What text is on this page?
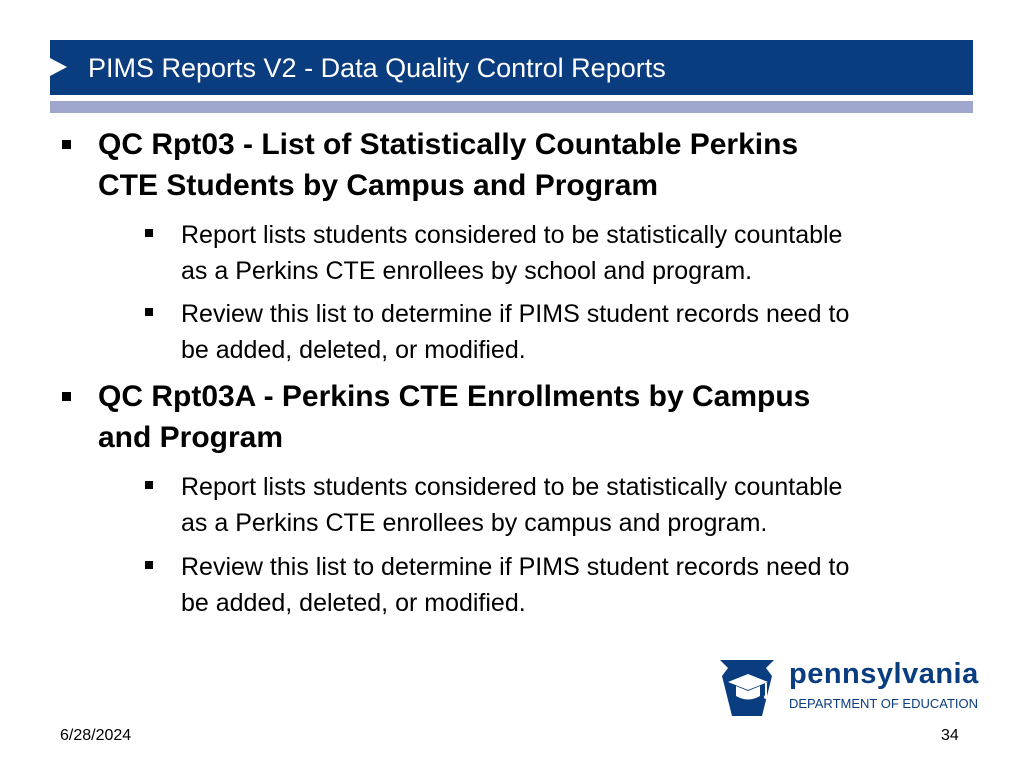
PIMS Reports V2 - Data Quality Control Reports
QC Rpt03 - List of Statistically Countable Perkins
CTE Students by Campus and Program
Report lists students considered to be statistically countable
as a Perkins CTE enrollees by school and program.
Review this list to determine if PIMS student records need to
be added, deleted, or modified.
QC Rpt03A - Perkins CTE Enrollments by Campus
and Program
Report lists students considered to be statistically countable
as a Perkins CTE enrollees by campus and program.
Review this list to determine if PIMS student records need to
be added, deleted, or modified.
pennsylvania
DEPARTMENT OF EDUCATION
6/28/2024	34
